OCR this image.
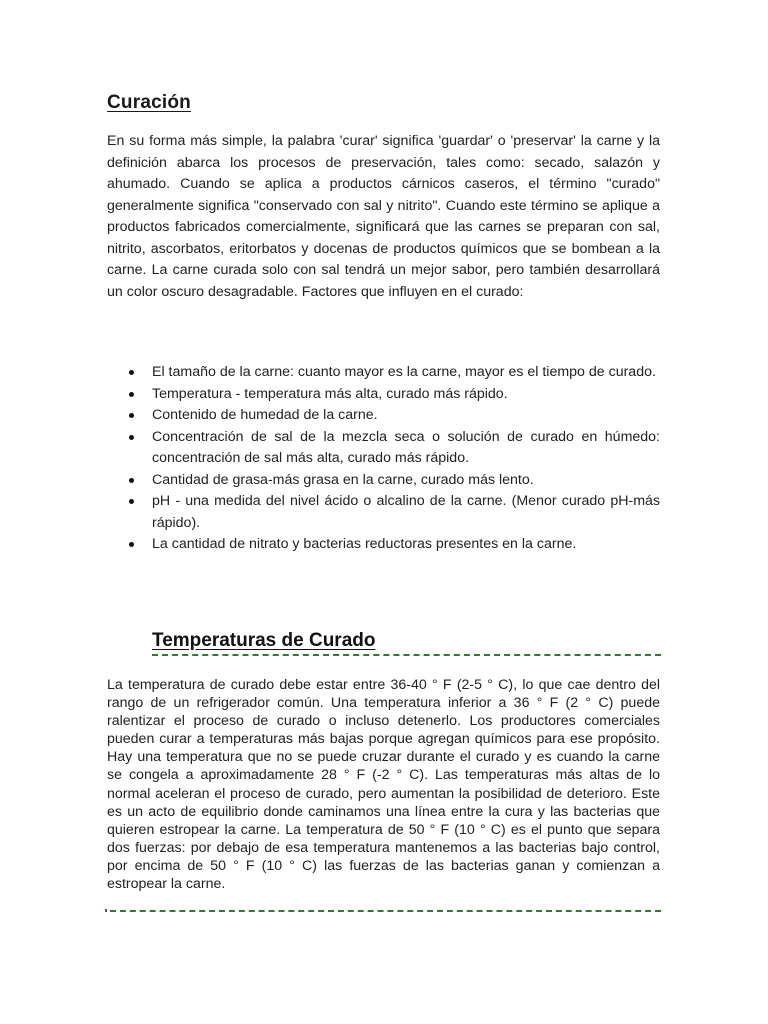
Curación

En su forma más simple, la palabra 'curar' significa 'guardar' o 'preservar' la carne y la definición abarca los procesos de preservación, tales como: secado, salazón y ahumado. Cuando se aplica a productos cárnicos caseros, el término "curado" generalmente significa "conservado con sal y nitrito". Cuando este término se aplique a productos fabricados comercialmente, significará que las carnes se preparan con sal, nitrito, ascorbatos, eritorbatos y docenas de productos químicos que se bombean a la carne. La carne curada solo con sal tendrá un mejor sabor, pero también desarrollará un color oscuro desagradable. Factores que influyen en el curado:

El tamaño de la carne: cuanto mayor es la carne, mayor es el tiempo de curado.
Temperatura - temperatura más alta, curado más rápido.
Contenido de humedad de la carne.
Concentración de sal de la mezcla seca o solución de curado en húmedo: concentración de sal más alta, curado más rápido.
Cantidad de grasa-más grasa en la carne, curado más lento.
pH - una medida del nivel ácido o alcalino de la carne. (Menor curado pH-más rápido).
La cantidad de nitrato y bacterias reductoras presentes en la carne.
Temperaturas de Curado

La temperatura de curado debe estar entre 36-40 ° F (2-5 ° C), lo que cae dentro del rango de un refrigerador común. Una temperatura inferior a 36 ° F (2 ° C) puede ralentizar el proceso de curado o incluso detenerlo. Los productores comerciales pueden curar a temperaturas más bajas porque agregan químicos para ese propósito. Hay una temperatura que no se puede cruzar durante el curado y es cuando la carne se congela a aproximadamente 28 ° F (-2 ° C). Las temperaturas más altas de lo normal aceleran el proceso de curado, pero aumentan la posibilidad de deterioro. Este es un acto de equilibrio donde caminamos una línea entre la cura y las bacterias que quieren estropear la carne. La temperatura de 50 ° F (10 ° C) es el punto que separa dos fuerzas: por debajo de esa temperatura mantenemos a las bacterias bajo control, por encima de 50 ° F (10 ° C) las fuerzas de las bacterias ganan y comienzan a estropear la carne.
